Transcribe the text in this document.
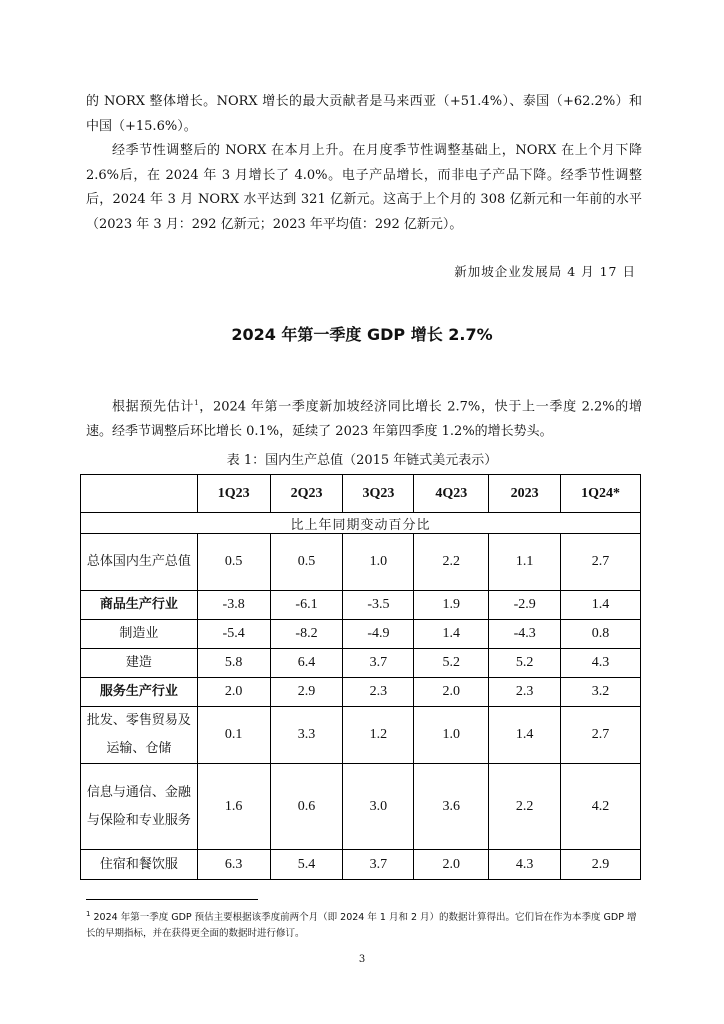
的 NORX 整体增长。NORX 增长的最大贡献者是马来西亚（+51.4%）、泰国（+62.2%）和中国（+15.6%）。

经季节性调整后的 NORX 在本月上升。在月度季节性调整基础上，NORX 在上个月下降 2.6%后，在 2024 年 3 月增长了 4.0%。电子产品增长，而非电子产品下降。经季节性调整后，2024 年 3 月 NORX 水平达到 321 亿新元。这高于上个月的 308 亿新元和一年前的水平（2023 年 3 月：292 亿新元；2023 年平均值：292 亿新元）。

新加坡企业发展局 4 月 17 日
2024 年第一季度 GDP 增长 2.7%

根据预先估计$^1$，2024 年第一季度新加坡经济同比增长 2.7%，快于上一季度 2.2%的增速。经季节调整后环比增长 0.1%，延续了 2023 年第四季度 1.2%的增长势头。

表 1：国内生产总值（2015 年链式美元表示）
	1Q23	2Q23	3Q23	4Q23	2023	1Q24*
比上年同期变动百分比						
总体国内生产总值	0.5	0.5	1.0	2.2	1.1	2.7
商品生产行业	-3.8	-6.1	-3.5	1.9	-2.9	1.4
制造业	-5.4	-8.2	-4.9	1.4	-4.3	0.8
建造	5.8	6.4	3.7	5.2	5.2	4.3
服务生产行业	2.0	2.9	2.3	2.0	2.3	3.2
批发、零售贸易及运输、仓储	0.1	3.3	1.2	1.0	1.4	2.7
信息与通信、金融与保险和专业服务	1.6	0.6	3.0	3.6	2.2	4.2
住宿和餐饮服	6.3	5.4	3.7	2.0	4.3	2.9
$^1$ 2024 年第一季度 GDP 预估主要根据该季度前两个月（即 2024 年 1 月和 2 月）的数据计算得出。它们旨在作为本季度 GDP 增长的早期指标，并在获得更全面的数据时进行修订。
3
